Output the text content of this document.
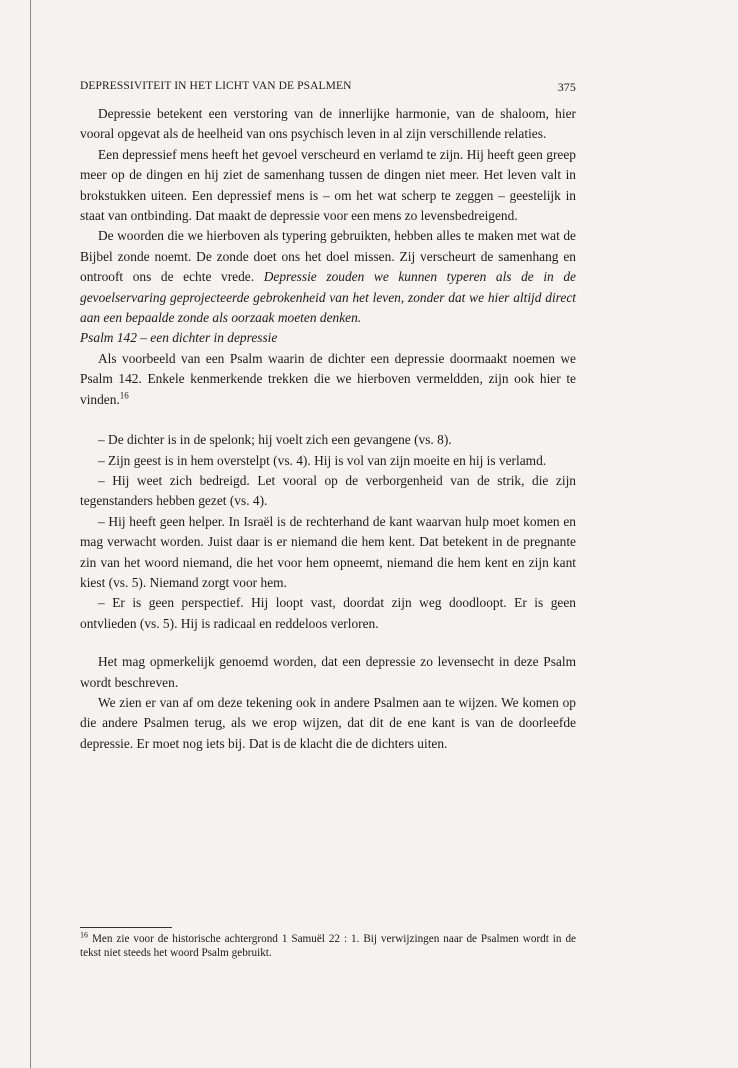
DEPRESSIVITEIT IN HET LICHT VAN DE PSALMEN	375

Depressie betekent een verstoring van de innerlijke harmonie, van de shaloom, hier vooral opgevat als de heelheid van ons psychisch leven in al zijn verschillende relaties.

Een depressief mens heeft het gevoel verscheurd en verlamd te zijn. Hij heeft geen greep meer op de dingen en hij ziet de samenhang tussen de dingen niet meer. Het leven valt in brokstukken uiteen. Een depressief mens is – om het wat scherp te zeggen – geestelijk in staat van ontbinding. Dat maakt de depressie voor een mens zo levensbedreigend.

De woorden die we hierboven als typering gebruikten, hebben alles te maken met wat de Bijbel zonde noemt. De zonde doet ons het doel missen. Zij verscheurt de samenhang en ontrooft ons de echte vrede. Depressie zouden we kunnen typeren als de in de gevoelservaring geprojecteerde gebrokenheid van het leven, zonder dat we hier altijd direct aan een bepaalde zonde als oorzaak moeten denken.

Psalm 142 – een dichter in depressie

Als voorbeeld van een Psalm waarin de dichter een depressie doormaakt noemen we Psalm 142. Enkele kenmerkende trekken die we hierboven vermeldden, zijn ook hier te vinden.$^{16}$

– De dichter is in de spelonk; hij voelt zich een gevangene (vs. 8).

– Zijn geest is in hem overstelpt (vs. 4). Hij is vol van zijn moeite en hij is verlamd.

– Hij weet zich bedreigd. Let vooral op de verborgenheid van de strik, die zijn tegenstanders hebben gezet (vs. 4).

– Hij heeft geen helper. In Israël is de rechterhand de kant waarvan hulp moet komen en mag verwacht worden. Juist daar is er niemand die hem kent. Dat betekent in de pregnante zin van het woord niemand, die het voor hem opneemt, niemand die hem kent en zijn kant kiest (vs. 5). Niemand zorgt voor hem.

– Er is geen perspectief. Hij loopt vast, doordat zijn weg doodloopt. Er is geen ontvlieden (vs. 5). Hij is radicaal en reddeloos verloren.

Het mag opmerkelijk genoemd worden, dat een depressie zo levensecht in deze Psalm wordt beschreven.

We zien er van af om deze tekening ook in andere Psalmen aan te wijzen. We komen op die andere Psalmen terug, als we erop wijzen, dat dit de ene kant is van de doorleefde depressie. Er moet nog iets bij. Dat is de klacht die de dichters uiten.

$^{16}$ Men zie voor de historische achtergrond 1 Samuël 22 : 1. Bij verwijzingen naar de Psalmen wordt in de tekst niet steeds het woord Psalm gebruikt.
